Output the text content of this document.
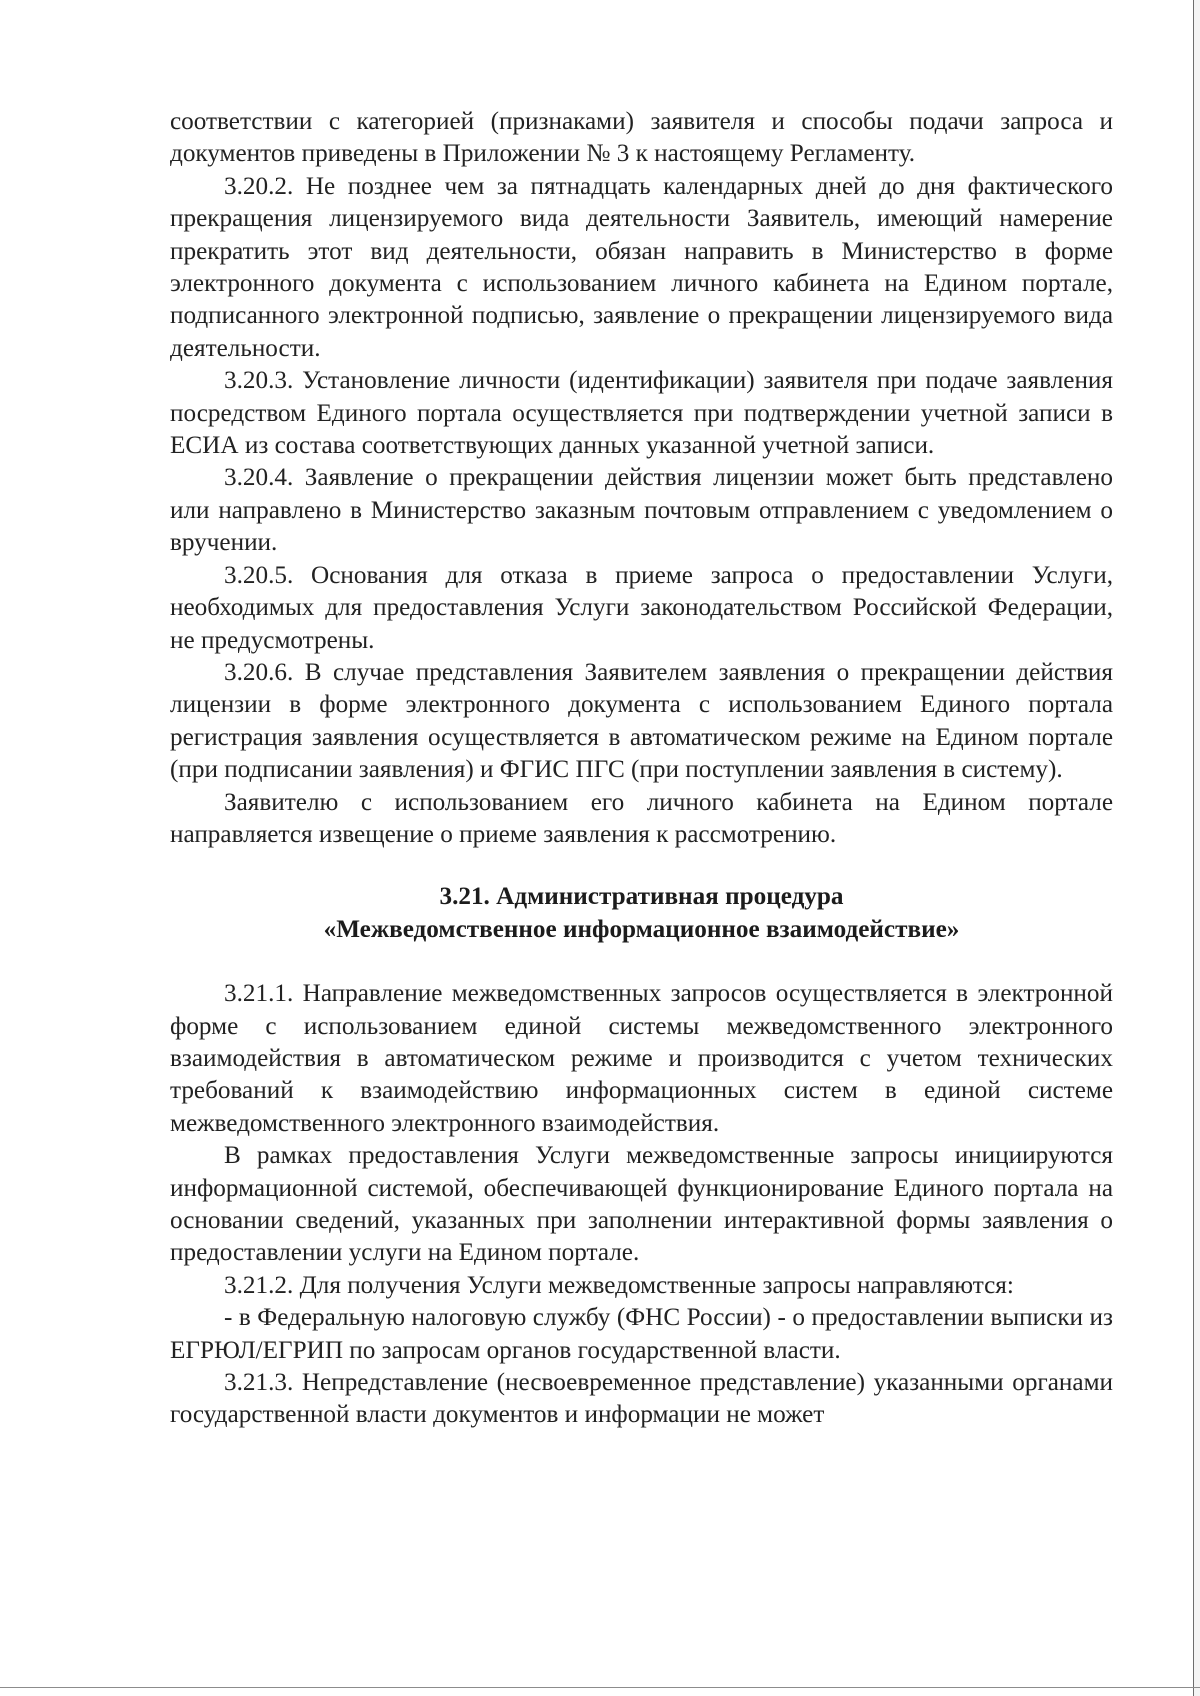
соответствии с категорией (признаками) заявителя и способы подачи запроса и документов приведены в Приложении № 3 к настоящему Регламенту.

3.20.2. Не позднее чем за пятнадцать календарных дней до дня фактического прекращения лицензируемого вида деятельности Заявитель, имеющий намерение прекратить этот вид деятельности, обязан направить в Министерство в форме электронного документа с использованием личного кабинета на Едином портале, подписанного электронной подписью, заявление о прекращении лицензируемого вида деятельности.

3.20.3. Установление личности (идентификации) заявителя при подаче заявления посредством Единого портала осуществляется при подтверждении учетной записи в ЕСИА из состава соответствующих данных указанной учетной записи.

3.20.4. Заявление о прекращении действия лицензии может быть представлено или направлено в Министерство заказным почтовым отправлением с уведомлением о вручении.

3.20.5. Основания для отказа в приеме запроса о предоставлении Услуги, необходимых для предоставления Услуги законодательством Российской Федерации, не предусмотрены.

3.20.6. В случае представления Заявителем заявления о прекращении действия лицензии в форме электронного документа с использованием Единого портала регистрация заявления осуществляется в автоматическом режиме на Едином портале (при подписании заявления) и ФГИС ПГС (при поступлении заявления в систему).

Заявителю с использованием его личного кабинета на Едином портале направляется извещение о приеме заявления к рассмотрению.

3.21. Административная процедура
«Межведомственное информационное взаимодействие»

3.21.1. Направление межведомственных запросов осуществляется в электронной форме с использованием единой системы межведомственного электронного взаимодействия в автоматическом режиме и производится с учетом технических требований к взаимодействию информационных систем в единой системе межведомственного электронного взаимодействия.

В рамках предоставления Услуги межведомственные запросы инициируются информационной системой, обеспечивающей функционирование Единого портала на основании сведений, указанных при заполнении интерактивной формы заявления о предоставлении услуги на Едином портале.

3.21.2. Для получения Услуги межведомственные запросы направляются:

- в Федеральную налоговую службу (ФНС России) - о предоставлении выписки из ЕГРЮЛ/ЕГРИП по запросам органов государственной власти.

3.21.3. Непредставление (несвоевременное представление) указанными органами государственной власти документов и информации не может
